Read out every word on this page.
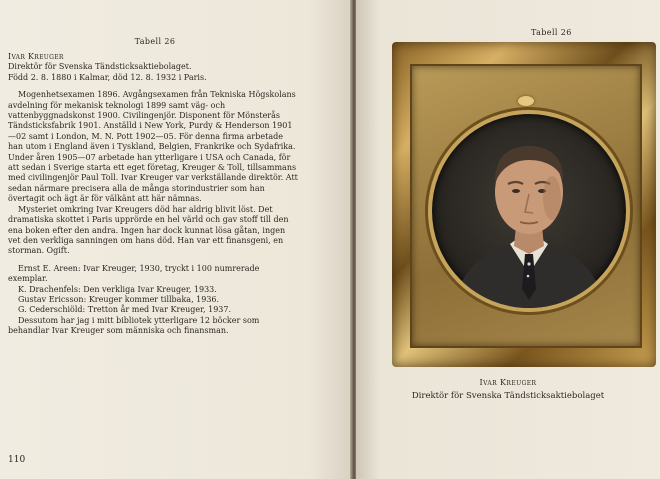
Tabell 26

Ivar Kreuger

Direktör för Svenska Tändsticksaktiebolaget.

Född 2. 8. 1880 i Kalmar, död 12. 8. 1932 i Paris.

Mogenhetsexamen 1896. Avgångsexamen från Tekniska Högskolans avdelning för mekanisk teknologi 1899 samt väg- och vattenbyggnadskonst 1900. Civilingenjör. Disponent för Mönsterås Tändsticksfabrik 1901. Anställd i New York, Purdy & Henderson 1901—02 samt i London, M. N. Pott 1902—05. För denna firma arbetade han utom i England även i Tyskland, Belgien, Frankrike och Sydafrika. Under åren 1905—07 arbetade han ytterligare i USA och Canada, för att sedan i Sverige starta ett eget företag, Kreuger & Toll, tillsammans med civilingenjör Paul Toll. Ivar Kreuger var verkställande direktör. Att sedan närmare precisera alla de många storindustrier som han övertagit och ägt är för välkänt att här nämnas.

Mysteriet omkring Ivar Kreugers död har aldrig blivit löst. Det dramatiska skottet i Paris upprörde en hel värld och gav stoff till den ena boken efter den andra. Ingen har dock kunnat lösa gåtan, ingen vet den verkliga sanningen om hans död. Han var ett finansgeni, en storman. Ogift.

Ernst E. Areen: Ivar Kreuger, 1930, tryckt i 100 numrerade exemplar.

K. Drachenfels: Den verkliga Ivar Kreuger, 1933.

Gustav Ericsson: Kreuger kommer tillbaka, 1936.

G. Cederschiöld: Tretton år med Ivar Kreuger, 1937.

Dessutom har jag i mitt bibliotek ytterligare 12 böcker som behandlar Ivar Kreuger som människa och finansman.

110
Tabell 26
Ivar Kreuger
Direktör för Svenska Tändsticksaktiebolaget
